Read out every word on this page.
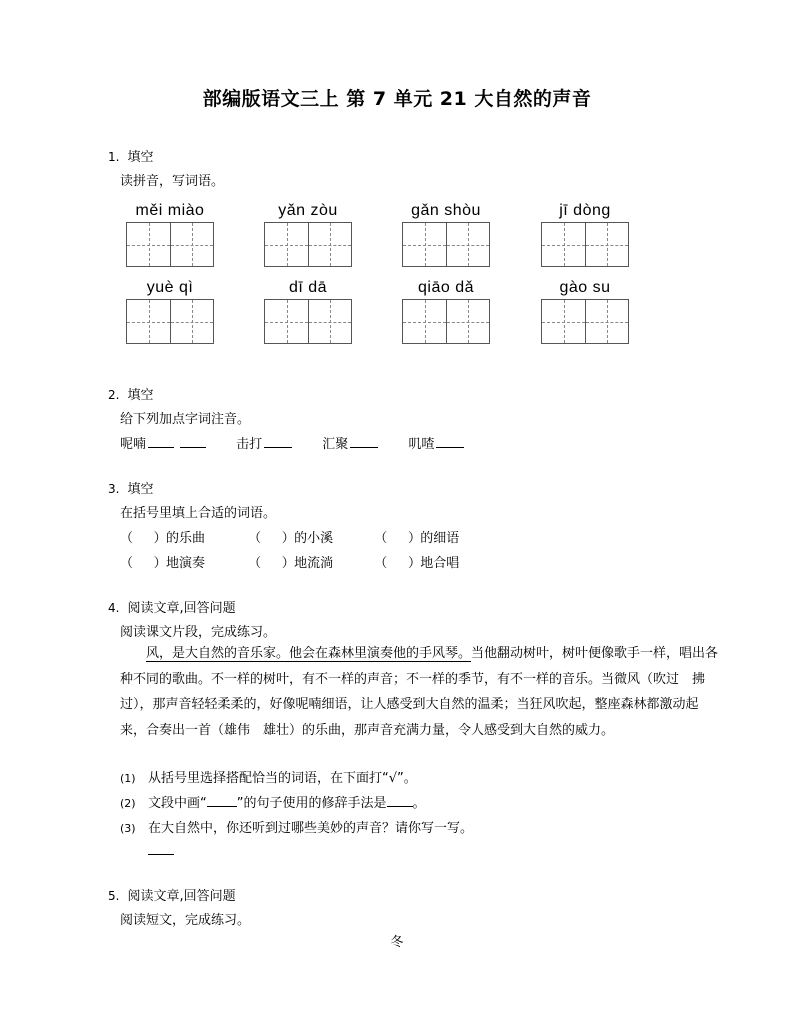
部编版语文三上 第 7 单元 21 大自然的声音
1. 填空
读拼音，写词语。
měi miào	yǎn zòu	gǎn shòu	jī dòng
yuè qì	dī dā	qiāo dǎ	gào su
2. 填空
给下列加点字词注音。
呢喃	击打	汇聚	叽喳
3. 填空
在括号里填上合适的词语。
（     ）的乐曲	（     ）的小溪	（     ）的细语
（     ）地演奏	（     ）地流淌	（     ）地合唱
4. 阅读文章,回答问题
阅读课文片段，完成练习。
风，是大自然的音乐家。他会在森林里演奏他的手风琴。当他翻动树叶，树叶便像歌手一样，唱出各种不同的歌曲。不一样的树叶，有不一样的声音；不一样的季节，有不一样的音乐。当微风（吹过　拂过），那声音轻轻柔柔的，好像呢喃细语，让人感受到大自然的温柔；当狂风吹起，整座森林都激动起来，合奏出一首（雄伟　雄壮）的乐曲，那声音充满力量，令人感受到大自然的威力。
(1) 从括号里选择搭配恰当的词语，在下面打“√”。
(2) 文段中画“ ”的句子使用的修辞手法是 。
(3) 在大自然中，你还听到过哪些美妙的声音？请你写一写。
5. 阅读文章,回答问题
阅读短文，完成练习。
冬
